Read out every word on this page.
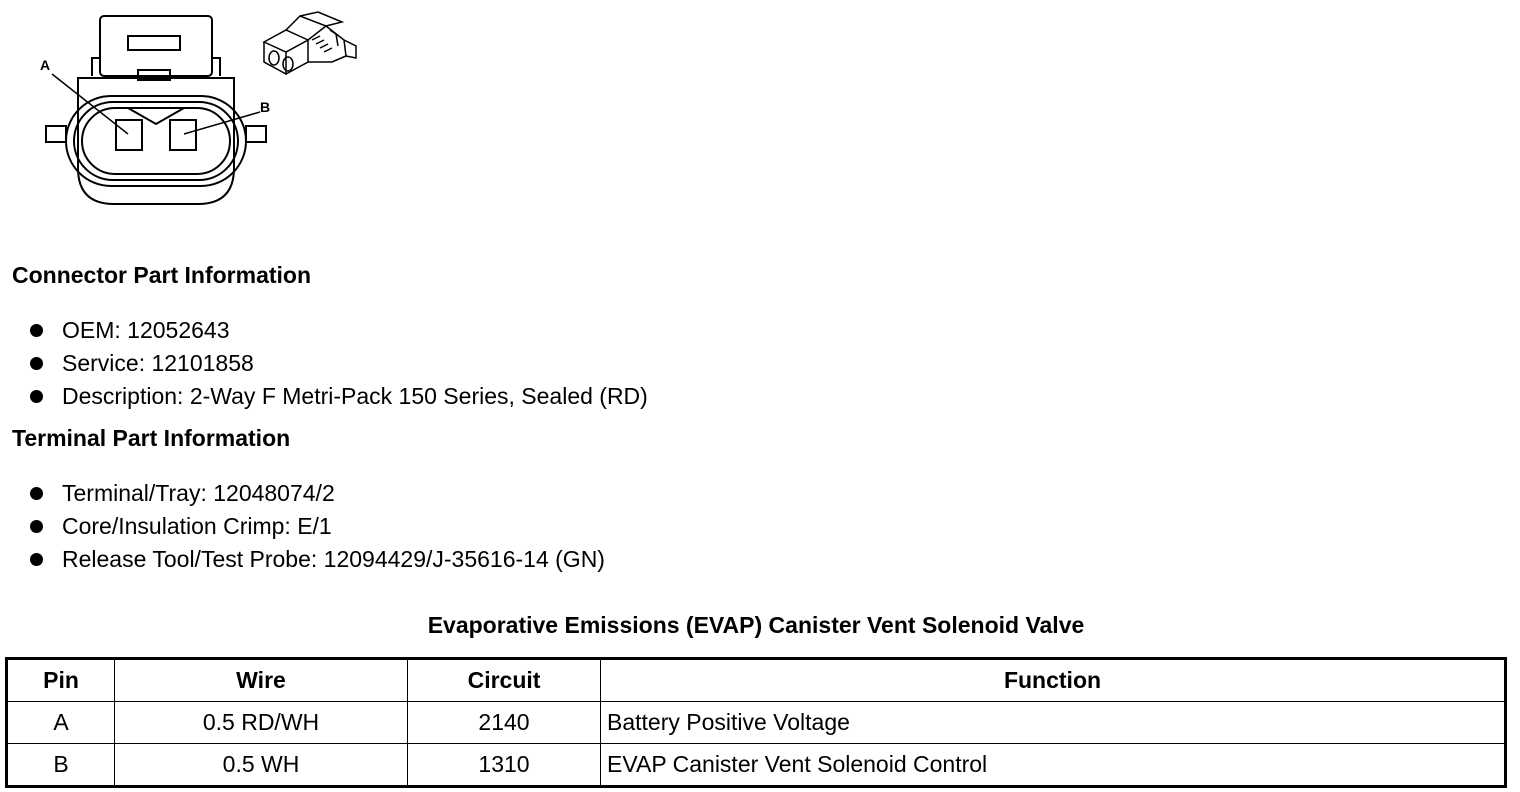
A
B
Connector Part Information
OEM: 12052643
Service: 12101858
Description: 2-Way F Metri-Pack 150 Series, Sealed (RD)
Terminal Part Information
Terminal/Tray: 12048074/2
Core/Insulation Crimp: E/1
Release Tool/Test Probe: 12094429/J-35616-14 (GN)
Evaporative Emissions (EVAP) Canister Vent Solenoid Valve
Pin	Wire	Circuit	Function
A	0.5 RD/WH	2140	Battery Positive Voltage
B	0.5 WH	1310	EVAP Canister Vent Solenoid Control
